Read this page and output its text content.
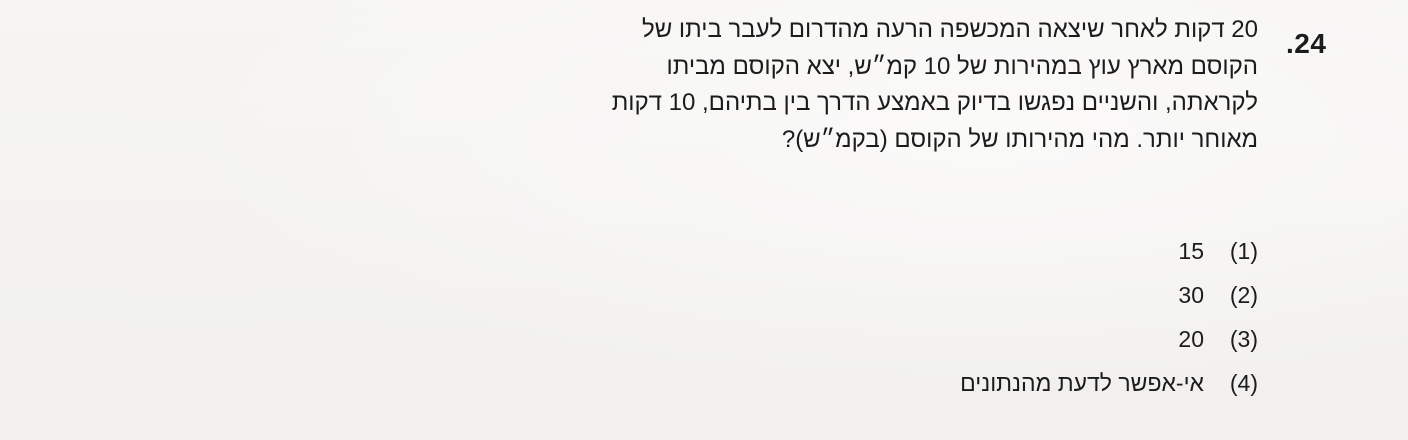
.24
20 דקות לאחר שיצאה המכשפה הרעה מהדרום לעבר ביתו של
הקוסם מארץ עוץ במהירות של 10 קמ״ש, יצא הקוסם מביתו
לקראתה, והשניים נפגשו בדיוק באמצע הדרך בין בתיהם, 10 דקות
מאוחר יותר. מהי מהירותו של הקוסם (בקמ״ש)?
(1)
15
(2)
30
(3)
20
(4)
אי-אפשר לדעת מהנתונים
